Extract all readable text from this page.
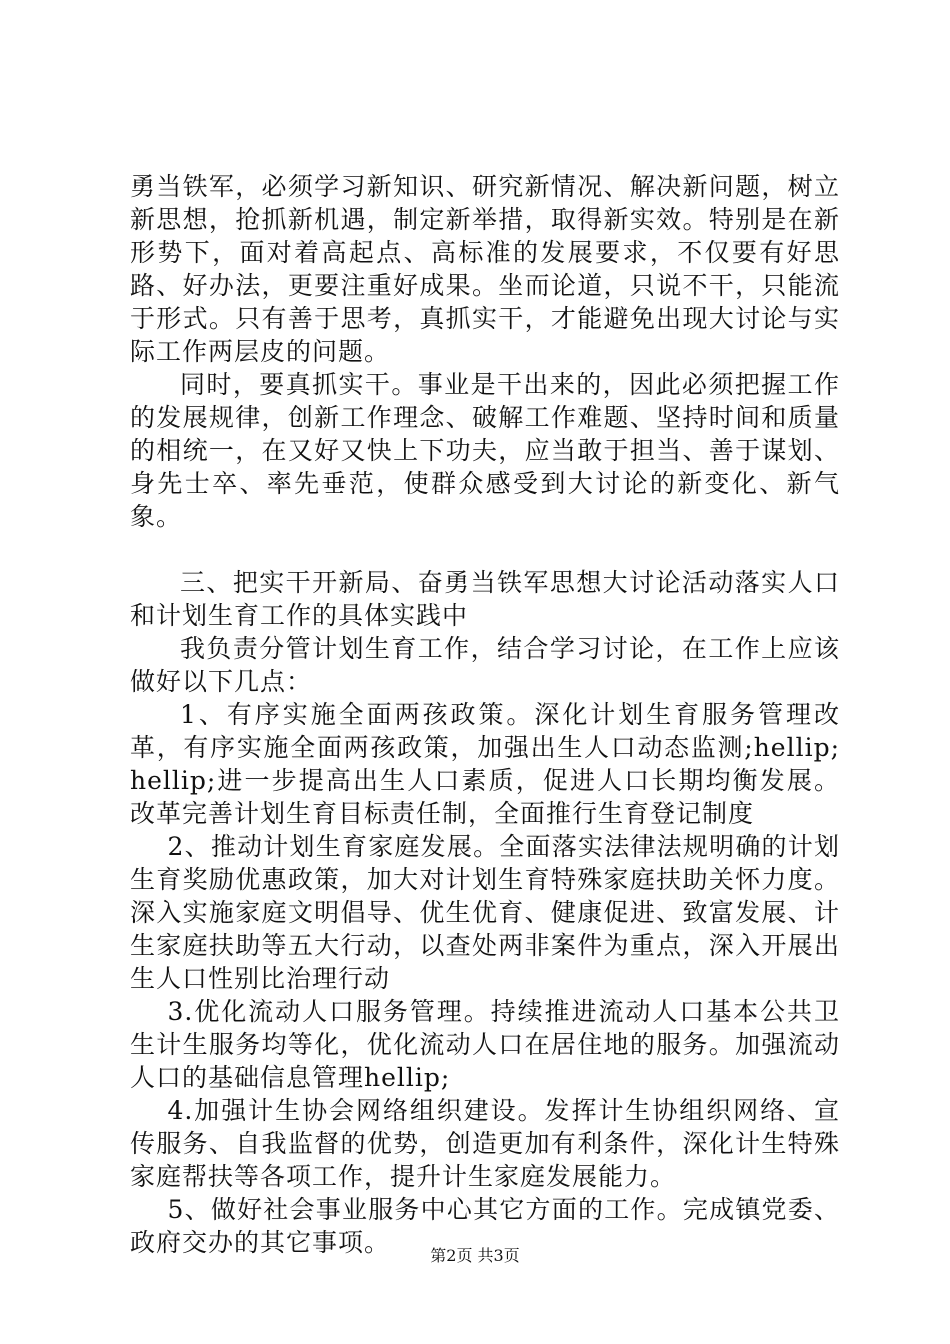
勇当铁军，必须学习新知识、研究新情况、解决新问题，树立新思想，抢抓新机遇，制定新举措，取得新实效。特别是在新形势下，面对着高起点、高标准的发展要求，不仅要有好思路、好办法，更要注重好成果。坐而论道，只说不干，只能流于形式。只有善于思考，真抓实干，才能避免出现大讨论与实际工作两层皮的问题。

同时，要真抓实干。事业是干出来的，因此必须把握工作的发展规律，创新工作理念、破解工作难题、坚持时间和质量的相统一，在又好又快上下功夫，应当敢于担当、善于谋划、身先士卒、率先垂范，使群众感受到大讨论的新变化、新气象。

三、把实干开新局、奋勇当铁军思想大讨论活动落实人口和计划生育工作的具体实践中

我负责分管计划生育工作，结合学习讨论，在工作上应该做好以下几点：

1、有序实施全面两孩政策。深化计划生育服务管理改革，有序实施全面两孩政策，加强出生人口动态监测;hellip;hellip;进一步提高出生人口素质，促进人口长期均衡发展。改革完善计划生育目标责任制，全面推行生育登记制度

2、推动计划生育家庭发展。全面落实法律法规明确的计划生育奖励优惠政策，加大对计划生育特殊家庭扶助关怀力度。深入实施家庭文明倡导、优生优育、健康促进、致富发展、计生家庭扶助等五大行动，以查处两非案件为重点，深入开展出生人口性别比治理行动

3.优化流动人口服务管理。持续推进流动人口基本公共卫生计生服务均等化，优化流动人口在居住地的服务。加强流动人口的基础信息管理hellip;

4.加强计生协会网络组织建设。发挥计生协组织网络、宣传服务、自我监督的优势，创造更加有利条件，深化计生特殊家庭帮扶等各项工作，提升计生家庭发展能力。

5、做好社会事业服务中心其它方面的工作。完成镇党委、政府交办的其它事项。	第2页 共3页
